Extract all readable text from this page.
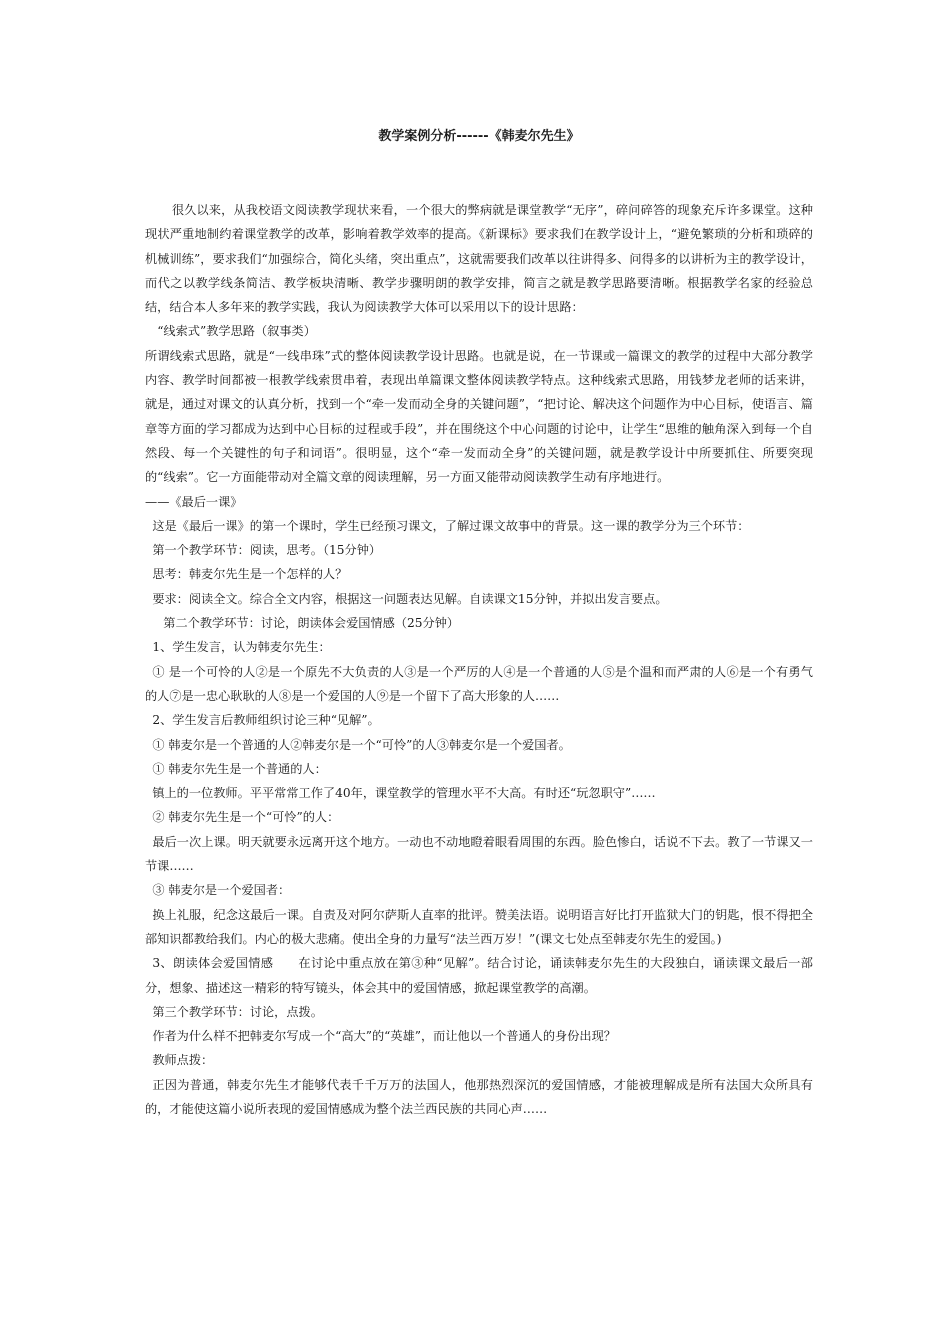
教学案例分析------《韩麦尔先生》

很久以来，从我校语文阅读教学现状来看，一个很大的弊病就是课堂教学“无序”，碎问碎答的现象充斥许多课堂。这种现状严重地制约着课堂教学的改革，影响着教学效率的提高。《新课标》要求我们在教学设计上，“避免繁琐的分析和琐碎的机械训练”，要求我们“加强综合，简化头绪，突出重点”，这就需要我们改革以往讲得多、问得多的以讲析为主的教学设计，而代之以教学线条简洁、教学板块清晰、教学步骤明朗的教学安排，简言之就是教学思路要清晰。根据教学名家的经验总结，结合本人多年来的教学实践，我认为阅读教学大体可以采用以下的设计思路：

“线索式”教学思路（叙事类）

所谓线索式思路，就是“一线串珠”式的整体阅读教学设计思路。也就是说，在一节课或一篇课文的教学的过程中大部分教学内容、教学时间都被一根教学线索贯串着，表现出单篇课文整体阅读教学特点。这种线索式思路，用钱梦龙老师的话来讲，就是，通过对课文的认真分析，找到一个“牵一发而动全身的关键问题”，“把讨论、解决这个问题作为中心目标，使语言、篇章等方面的学习都成为达到中心目标的过程或手段”，并在围绕这个中心问题的讨论中，让学生“思维的触角深入到每一个自然段、每一个关键性的句子和词语”。很明显，这个“牵一发而动全身”的关键问题，就是教学设计中所要抓住、所要突现的“线索”。它一方面能带动对全篇文章的阅读理解，另一方面又能带动阅读教学生动有序地进行。

——《最后一课》

这是《最后一课》的第一个课时，学生已经预习课文，了解过课文故事中的背景。这一课的教学分为三个环节：

第一个教学环节：阅读，思考。（15分钟）

思考：韩麦尔先生是一个怎样的人？

要求：阅读全文。综合全文内容，根据这一问题表达见解。自读课文15分钟，并拟出发言要点。

第二个教学环节：讨论，朗读体会爱国情感（25分钟）

1、学生发言，认为韩麦尔先生：

① 是一个可怜的人②是一个原先不大负责的人③是一个严厉的人④是一个普通的人⑤是个温和而严肃的人⑥是一个有勇气的人⑦是一忠心耿耿的人⑧是一个爱国的人⑨是一个留下了高大形象的人……

2、学生发言后教师组织讨论三种“见解”。

① 韩麦尔是一个普通的人②韩麦尔是一个“可怜”的人③韩麦尔是一个爱国者。

① 韩麦尔先生是一个普通的人：

镇上的一位教师。平平常常工作了40年，课堂教学的管理水平不大高。有时还“玩忽职守”……

② 韩麦尔先生是一个“可怜”的人：

最后一次上课。明天就要永远离开这个地方。一动也不动地瞪着眼看周围的东西。脸色惨白，话说不下去。教了一节课又一节课……

③ 韩麦尔是一个爱国者：

换上礼服，纪念这最后一课。自责及对阿尔萨斯人直率的批评。赞美法语。说明语言好比打开监狱大门的钥匙，恨不得把全部知识都教给我们。内心的极大悲痛。使出全身的力量写“法兰西万岁！”(课文七处点至韩麦尔先生的爱国。)

3、朗读体会爱国情感　　在讨论中重点放在第③种“见解”。结合讨论，诵读韩麦尔先生的大段独白，诵读课文最后一部分，想象、描述这一精彩的特写镜头，体会其中的爱国情感，掀起课堂教学的高潮。

第三个教学环节：讨论，点拨。

作者为什么样不把韩麦尔写成一个“高大”的“英雄”，而让他以一个普通人的身份出现？

教师点拨：

正因为普通，韩麦尔先生才能够代表千千万万的法国人，他那热烈深沉的爱国情感，才能被理解成是所有法国大众所具有的，才能使这篇小说所表现的爱国情感成为整个法兰西民族的共同心声……
